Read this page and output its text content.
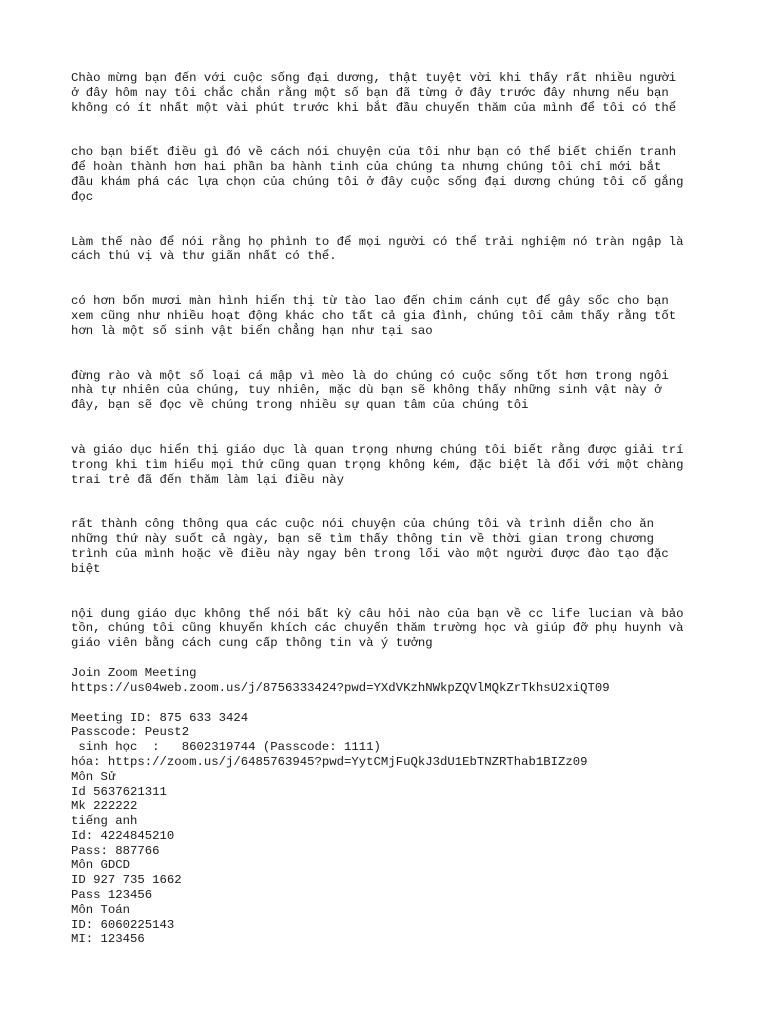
Chào mừng bạn đến với cuộc sống đại dương, thật tuyệt vời khi thấy rất nhiều người
ở đây hôm nay tôi chắc chắn rằng một số bạn đã từng ở đây trước đây nhưng nếu bạn
không có ít nhất một vài phút trước khi bắt đầu chuyến thăm của mình để tôi có thể

cho bạn biết điều gì đó về cách nói chuyện của tôi như bạn có thể biết chiến tranh
để hoàn thành hơn hai phần ba hành tinh của chúng ta nhưng chúng tôi chỉ mới bắt
đầu khám phá các lựa chọn của chúng tôi ở đây cuộc sống đại dương chúng tôi cố gắng
đọc

Làm thế nào để nói rằng họ phình to để mọi người có thể trải nghiệm nó tràn ngập là
cách thú vị và thư giãn nhất có thể.

có hơn bốn mươi màn hình hiển thị từ tào lao đến chim cánh cụt để gây sốc cho bạn
xem cũng như nhiều hoạt động khác cho tất cả gia đình, chúng tôi cảm thấy rằng tốt
hơn là một số sinh vật biển chẳng hạn như tại sao

đừng rào và một số loại cá mập vì mèo là do chúng có cuộc sống tốt hơn trong ngôi
nhà tự nhiên của chúng, tuy nhiên, mặc dù bạn sẽ không thấy những sinh vật này ở
đây, bạn sẽ đọc về chúng trong nhiều sự quan tâm của chúng tôi

và giáo dục hiển thị giáo dục là quan trọng nhưng chúng tôi biết rằng được giải trí
trong khi tìm hiểu mọi thứ cũng quan trọng không kém, đặc biệt là đối với một chàng
trai trẻ đã đến thăm làm lại điều này

rất thành công thông qua các cuộc nói chuyện của chúng tôi và trình diễn cho ăn
những thứ này suốt cả ngày, bạn sẽ tìm thấy thông tin về thời gian trong chương
trình của mình hoặc về điều này ngay bên trong lối vào một người được đào tạo đặc
biệt

nội dung giáo dục không thể nói bất kỳ câu hỏi nào của bạn về cc life lucian và bảo
tồn, chúng tôi cũng khuyến khích các chuyến thăm trường học và giúp đỡ phụ huynh và
giáo viên bằng cách cung cấp thông tin và ý tưởng

Join Zoom Meeting
https://us04web.zoom.us/j/8756333424?pwd=YXdVKzhNWkpZQVlMQkZrTkhsU2xiQT09
Meeting ID: 875 633 3424
Passcode: Peust2
sinh học  :   8602319744 (Passcode: 1111)
hóa: https://zoom.us/j/6485763945?pwd=YytCMjFuQkJ3dU1EbTNZRThab1BIZz09
Môn Sử
Id 5637621311
Mk 222222
tiếng anh
Id: 4224845210
Pass: 887766
Môn GDCD
ID 927 735 1662
Pass 123456
Môn Toán
ID: 6060225143
MI: 123456
